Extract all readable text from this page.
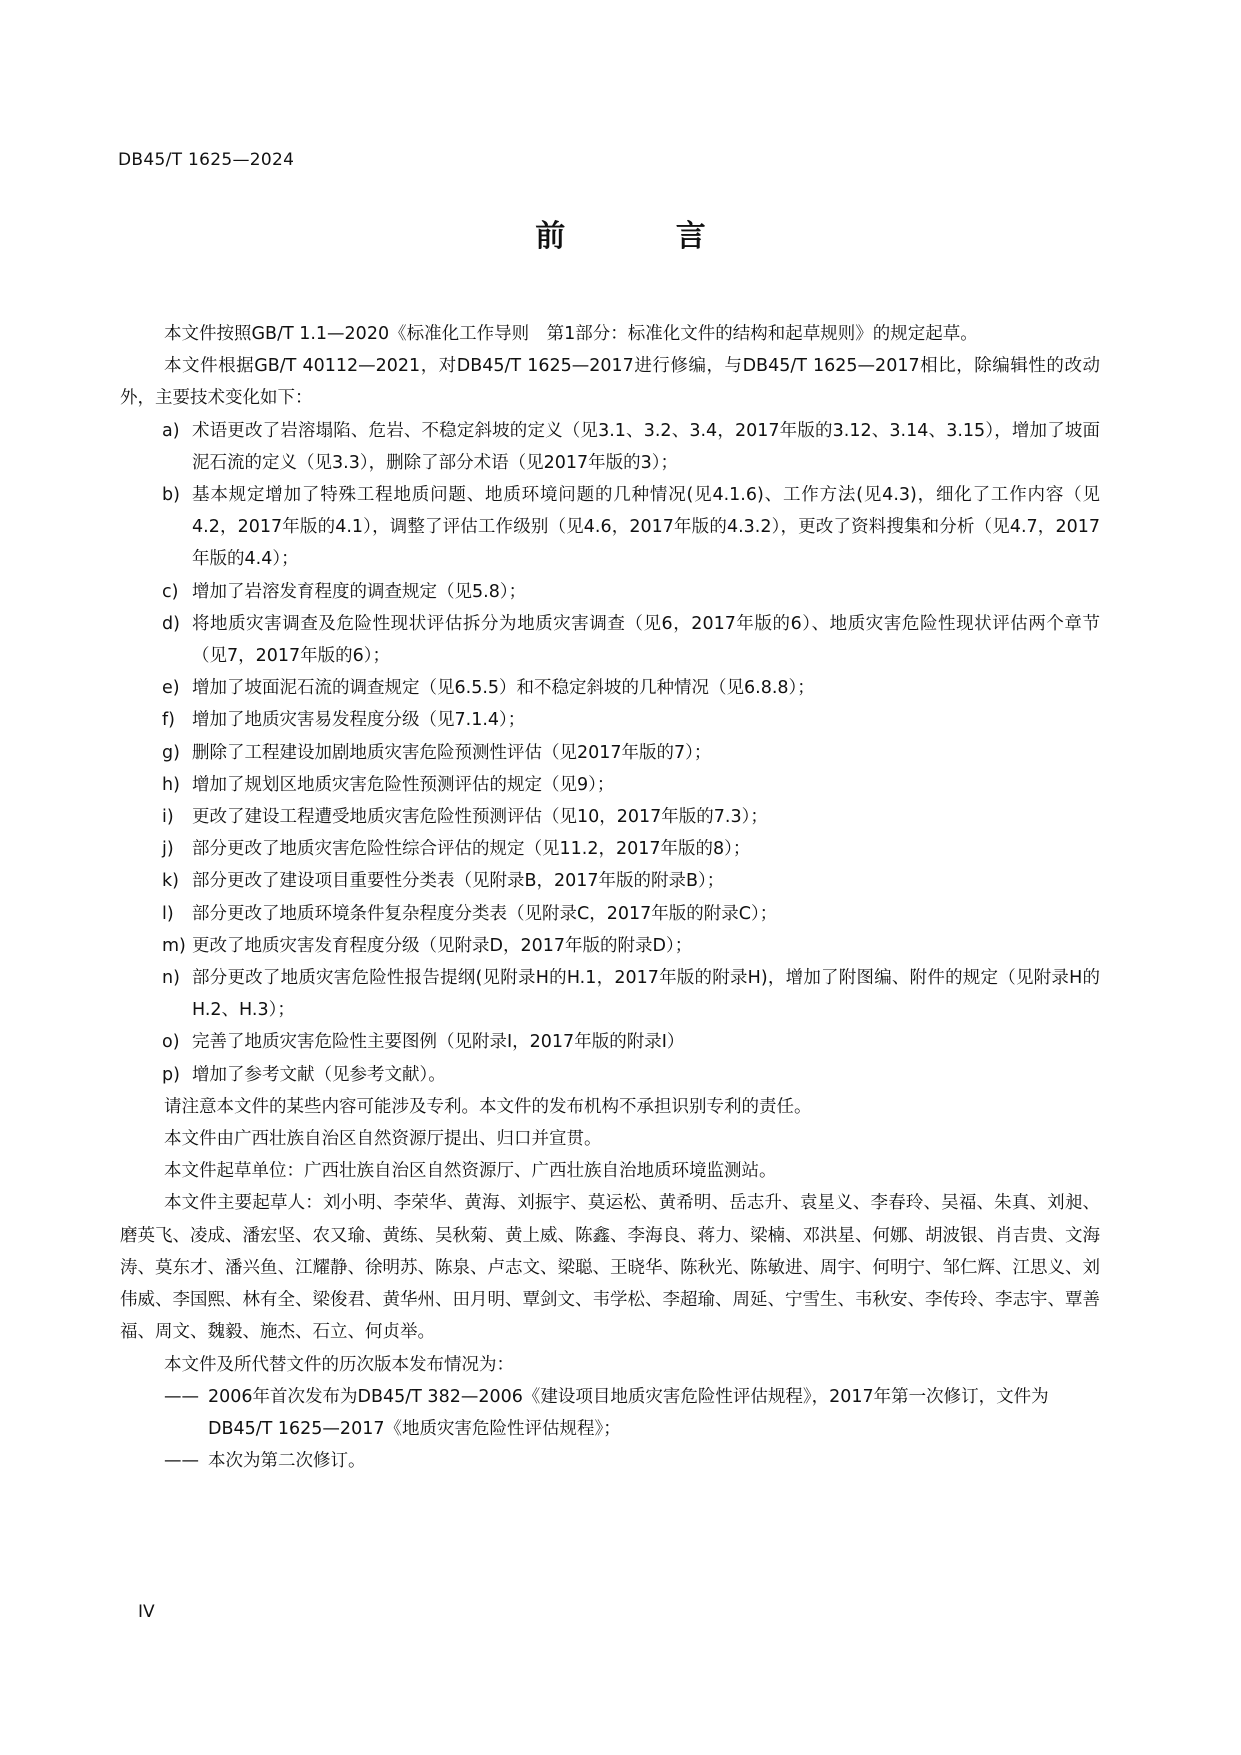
DB45/T 1625—2024
前 言

本文件按照GB/T 1.1—2020《标准化工作导则　第1部分：标准化文件的结构和起草规则》的规定起草。

本文件根据GB/T 40112—2021，对DB45/T 1625—2017进行修编，与DB45/T 1625—2017相比，除编辑性的改动外，主要技术变化如下：

a) 术语更改了岩溶塌陷、危岩、不稳定斜坡的定义（见3.1、3.2、3.4，2017年版的3.12、3.14、3.15），增加了坡面泥石流的定义（见3.3），删除了部分术语（见2017年版的3）；
b) 基本规定增加了特殊工程地质问题、地质环境问题的几种情况(见4.1.6)、工作方法(见4.3)，细化了工作内容（见4.2，2017年版的4.1），调整了评估工作级别（见4.6，2017年版的4.3.2），更改了资料搜集和分析（见4.7，2017年版的4.4）；
c) 增加了岩溶发育程度的调查规定（见5.8）；
d) 将地质灾害调查及危险性现状评估拆分为地质灾害调查（见6，2017年版的6）、地质灾害危险性现状评估两个章节（见7，2017年版的6）；
e) 增加了坡面泥石流的调查规定（见6.5.5）和不稳定斜坡的几种情况（见6.8.8）；
f) 增加了地质灾害易发程度分级（见7.1.4）；
g) 删除了工程建设加剧地质灾害危险预测性评估（见2017年版的7）；
h) 增加了规划区地质灾害危险性预测评估的规定（见9）；
i)	更改了建设工程遭受地质灾害危险性预测评估（见10，2017年版的7.3）；
j)	部分更改了地质灾害危险性综合评估的规定（见11.2，2017年版的8）；
k) 部分更改了建设项目重要性分类表（见附录B，2017年版的附录B）；
l)	部分更改了地质环境条件复杂程度分类表（见附录C，2017年版的附录C）；
m) 更改了地质灾害发育程度分级（见附录D，2017年版的附录D）；
n) 部分更改了地质灾害危险性报告提纲(见附录H的H.1，2017年版的附录H)，增加了附图编、附件的规定（见附录H的H.2、H.3）；
o) 完善了地质灾害危险性主要图例（见附录I，2017年版的附录I）
p) 增加了参考文献（见参考文献）。

请注意本文件的某些内容可能涉及专利。本文件的发布机构不承担识别专利的责任。

本文件由广西壮族自治区自然资源厅提出、归口并宣贯。

本文件起草单位：广西壮族自治区自然资源厅、广西壮族自治地质环境监测站。

本文件主要起草人：刘小明、李荣华、黄海、刘振宇、莫运松、黄希明、岳志升、袁星义、李春玲、吴福、朱真、刘昶、磨英飞、凌成、潘宏坚、农又瑜、黄练、吴秋菊、黄上威、陈鑫、李海良、蒋力、梁楠、邓洪星、何娜、胡波银、肖吉贵、文海涛、莫东才、潘兴鱼、江耀静、徐明苏、陈泉、卢志文、梁聪、王晓华、陈秋光、陈敏进、周宇、何明宁、邹仁辉、江思义、刘伟威、李国熙、林有全、梁俊君、黄华州、田月明、覃剑文、韦学松、李超瑜、周延、宁雪生、韦秋安、李传玲、李志宇、覃善福、周文、魏毅、施杰、石立、何贞举。

本文件及所代替文件的历次版本发布情况为：

—— 2006年首次发布为DB45/T 382—2006《建设项目地质灾害危险性评估规程》，2017年第一次修订，文件为DB45/T 1625—2017《地质灾害危险性评估规程》；
—— 本次为第二次修订。
IV
